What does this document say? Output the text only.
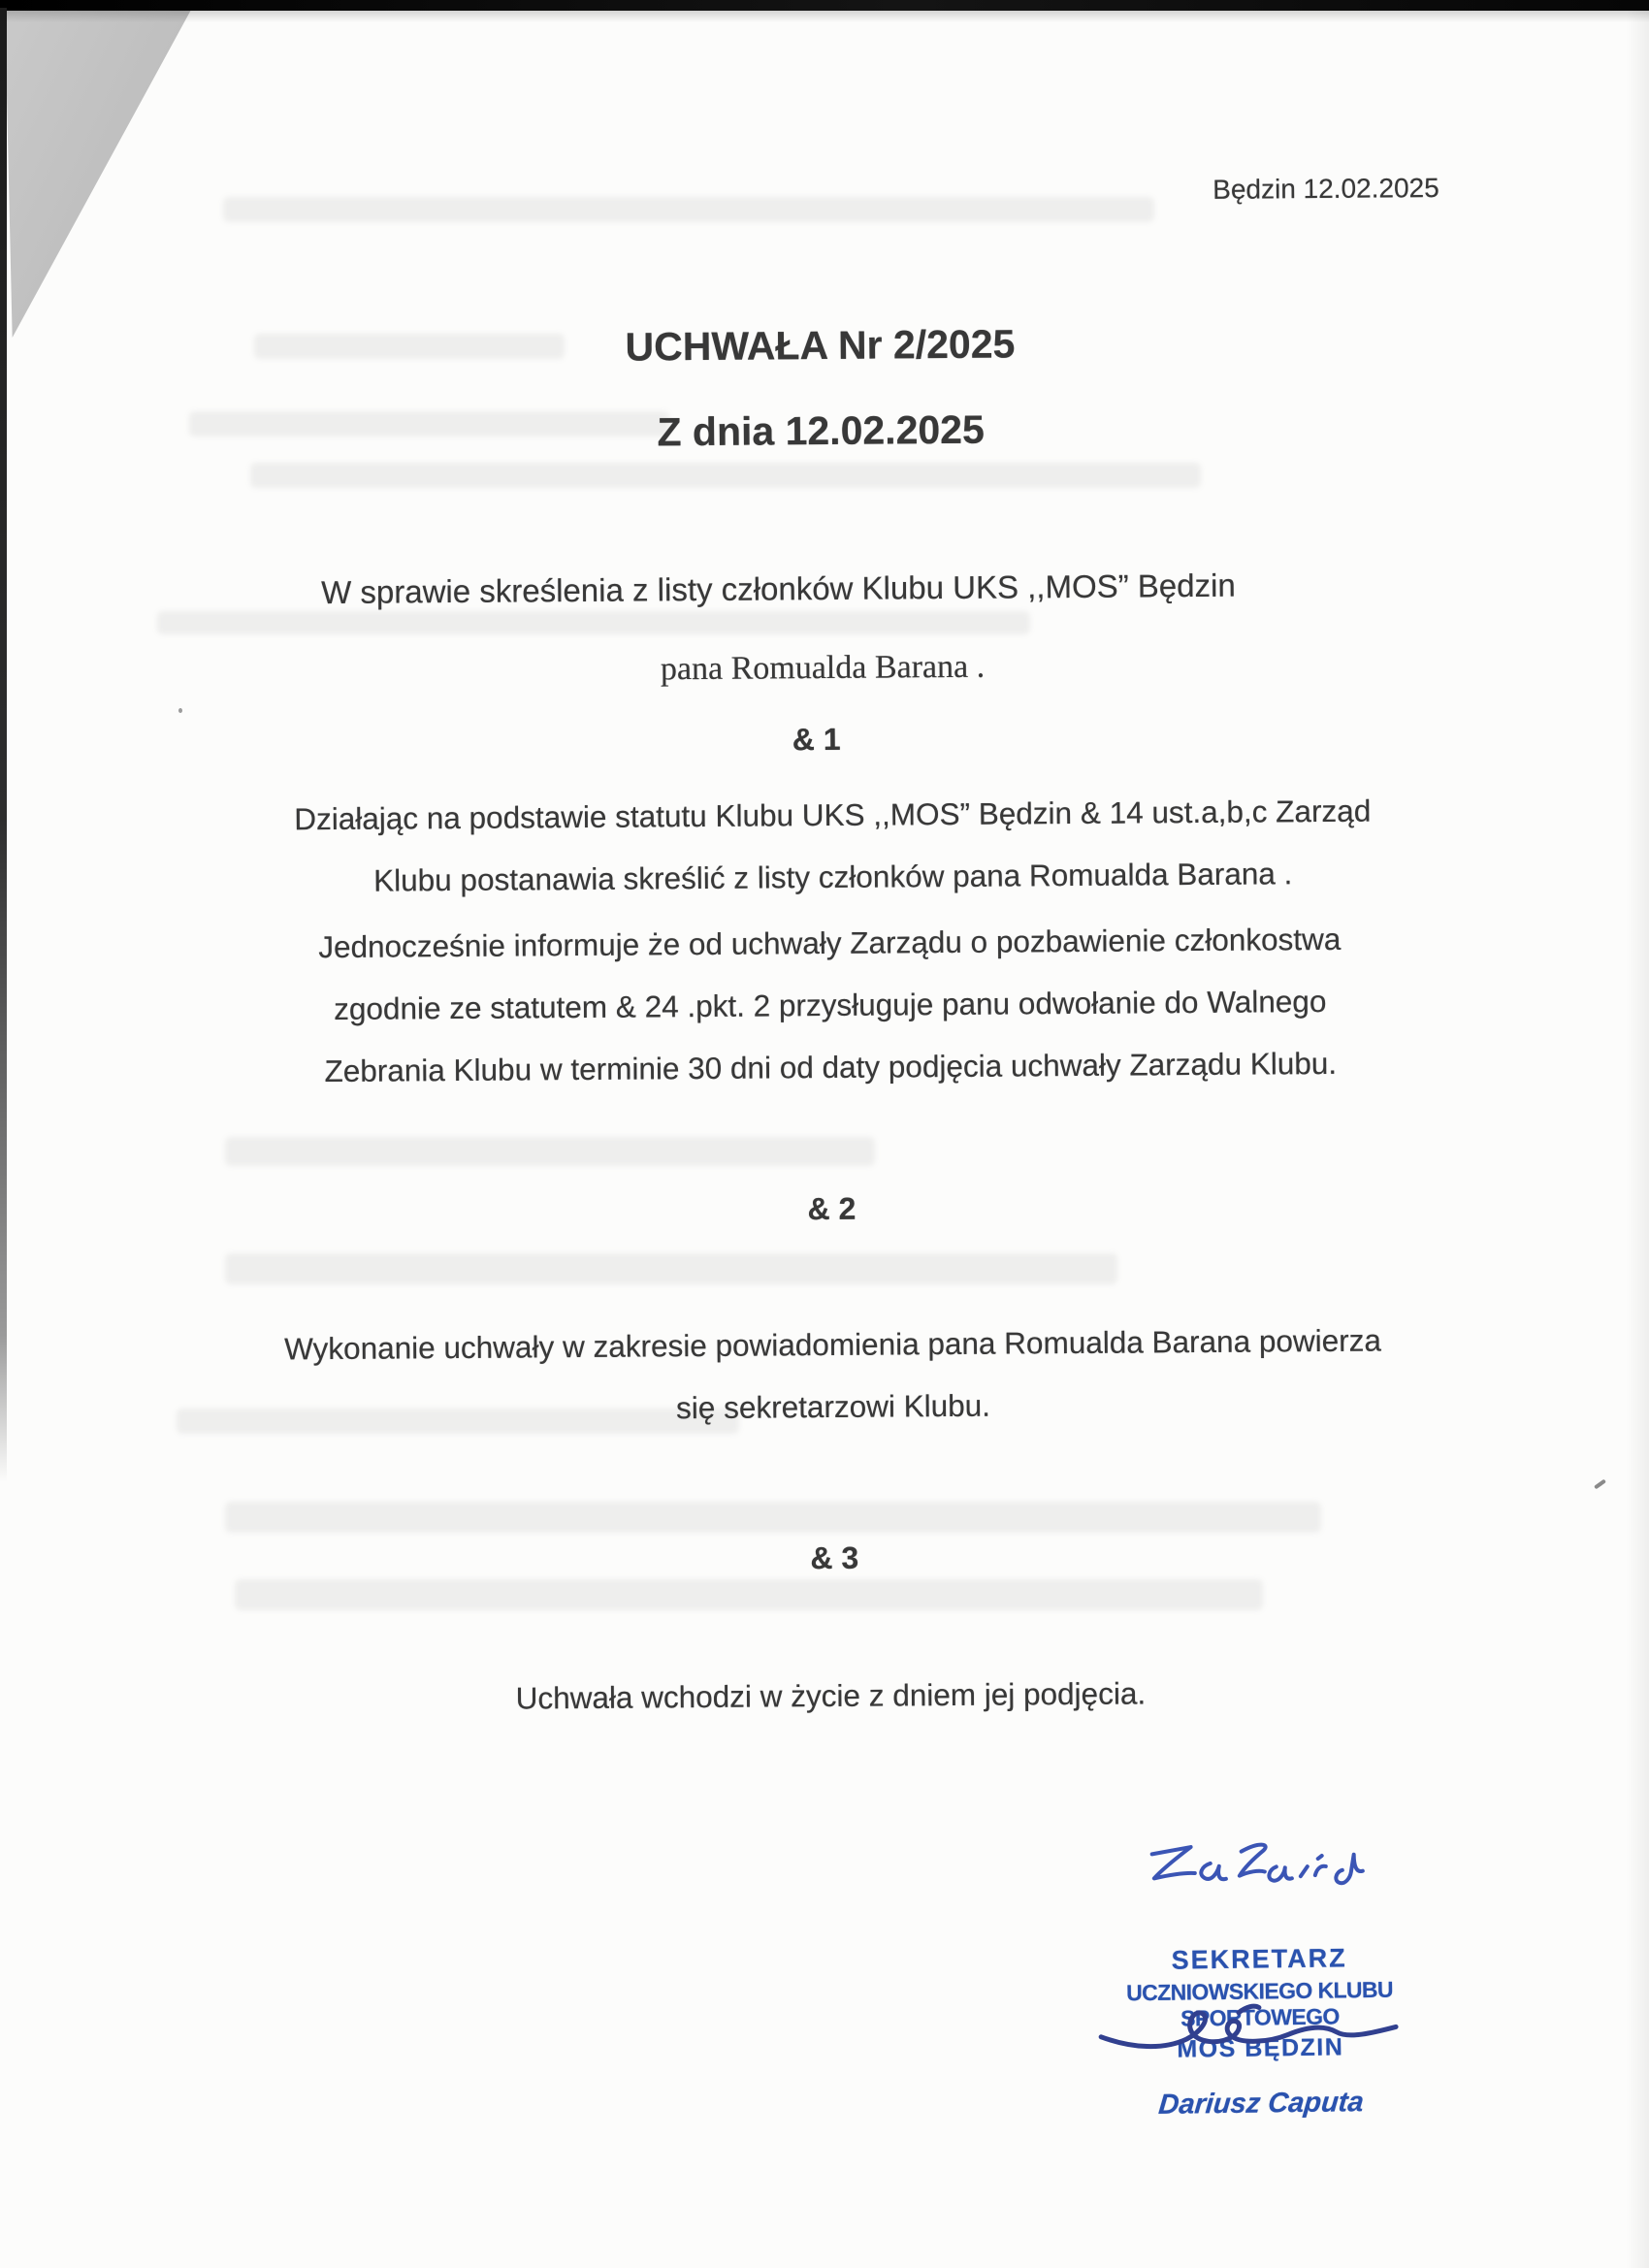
Będzin 12.02.2025
UCHWAŁA Nr 2/2025
Z dnia 12.02.2025
W sprawie skreślenia z listy członków Klubu UKS ,,MOS” Będzin
pana Romualda Barana .
& 1
Działając na podstawie statutu Klubu UKS ,,MOS” Będzin & 14 ust.a,b,c Zarząd
Klubu postanawia skreślić z listy członków pana Romualda Barana .
Jednocześnie informuje że od uchwały Zarządu o pozbawienie członkostwa
zgodnie ze statutem & 24 .pkt. 2 przysługuje panu odwołanie do Walnego
Zebrania Klubu w terminie 30 dni od daty podjęcia uchwały Zarządu Klubu.
& 2
Wykonanie uchwały w zakresie powiadomienia pana Romualda Barana powierza
się sekretarzowi Klubu.
& 3
Uchwała wchodzi w życie z dniem jej podjęcia.
SEKRETARZ
UCZNIOWSKIEGO KLUBU SPORTOWEGO
MOS BĘDZIN
Dariusz Caputa
